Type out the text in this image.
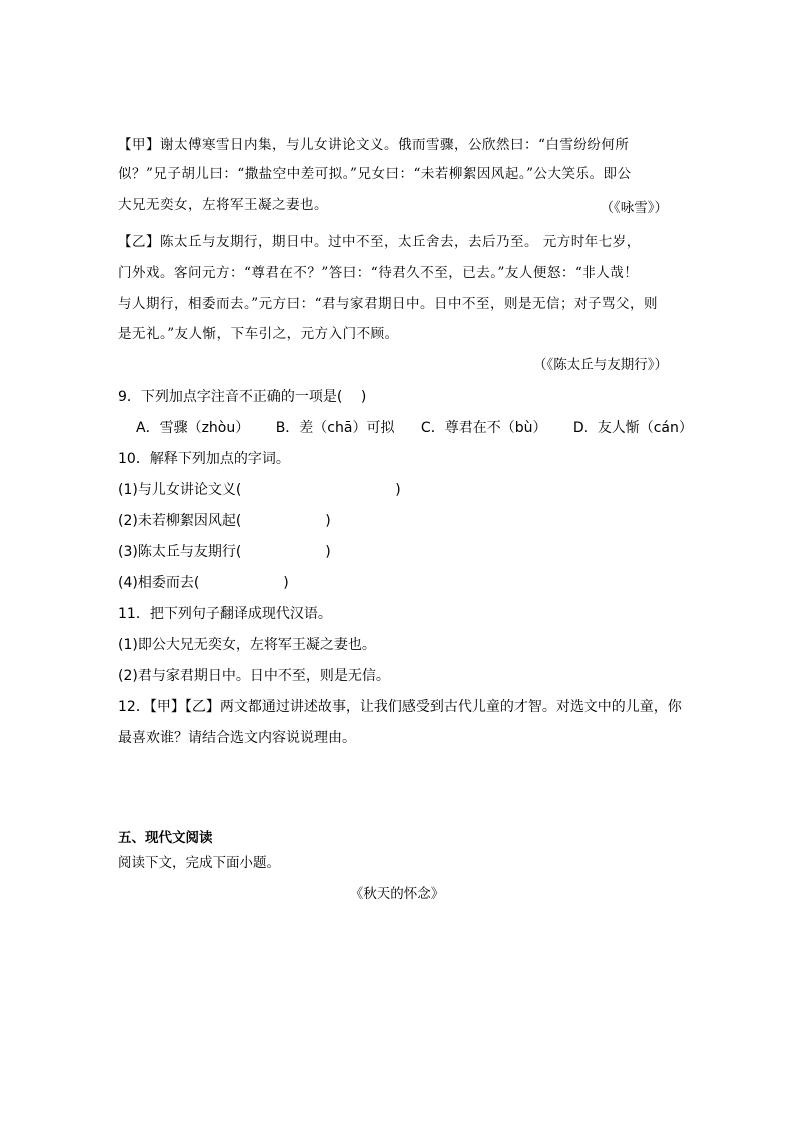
【甲】谢太傅寒雪日内集，与儿女讲论文义。俄而雪骤，公欣然曰：“白雪纷纷何所
似？”兄子胡儿曰：“撒盐空中差可拟。”兄女曰：“未若柳絮因风起。”公大笑乐。即公
大兄无奕女，左将军王凝之妻也。	（《咏雪》）
【乙】陈太丘与友期行，期日中。过中不至，太丘舍去，去后乃至。 元方时年七岁，
门外戏。客问元方：“尊君在不？”答曰：“待君久不至，已去。”友人便怒：“非人哉！
与人期行，相委而去。”元方曰：“君与家君期日中。日中不至，则是无信；对子骂父，则
是无礼。”友人惭，下车引之，元方入门不顾。
（《陈太丘与友期行》）
9．下列加点字注音不正确的一项是(　 )
A．雪骤（zhòu） B．差（chā）可拟 C．尊君在不（bù） D．友人惭（cán）
10．解释下列加点的字词。
(1)与儿女讲论文义(　　　　　　　　　　　)
(2)未若柳絮因风起(　　　　　　)
(3)陈太丘与友期行(　　　　　　)
(4)相委而去(　　　　　　)
11．把下列句子翻译成现代汉语。
(1)即公大兄无奕女，左将军王凝之妻也。
(2)君与家君期日中。日中不至，则是无信。
12．【甲】【乙】两文都通过讲述故事，让我们感受到古代儿童的才智。对选文中的儿童，你
最喜欢谁？请结合选文内容说说理由。
五、现代文阅读
阅读下文，完成下面小题。
《秋天的怀念》
